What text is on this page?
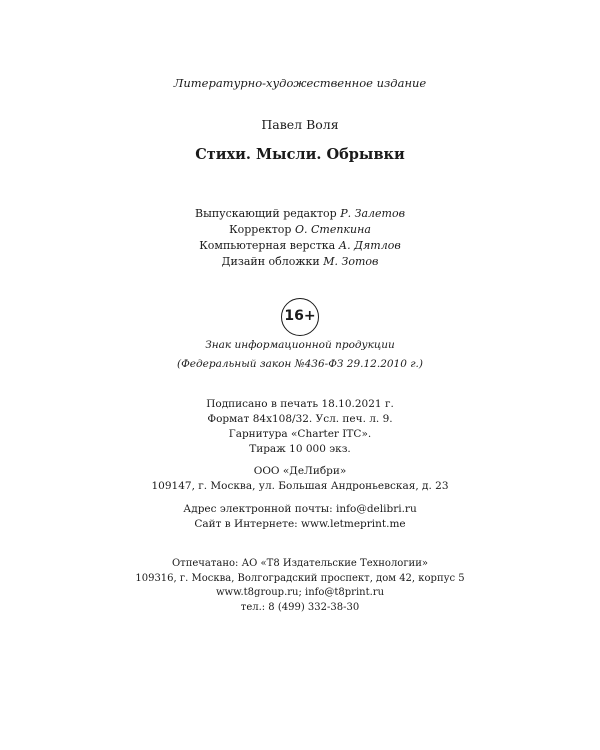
Литературно-художественное издание
Павел Воля
Стихи. Мысли. Обрывки
Выпускающий редактор Р. Залетов
Корректор О. Степкина
Компьютерная верстка А. Дятлов
Дизайн обложки М. Зотов
16+
Знак информационной продукции
(Федеральный закон №436-ФЗ 29.12.2010 г.)
Подписано в печать 18.10.2021 г.
Формат 84x108/32. Усл. печ. л. 9.
Гарнитура «Charter ITC».
Тираж 10 000 экз.
ООО «ДеЛибри»
109147, г. Москва, ул. Большая Андроньевская, д. 23
Адрес электронной почты: info@delibri.ru
Сайт в Интернете: www.letmeprint.me
Отпечатано: АО «Т8 Издательские Технологии»
109316, г. Москва, Волгоградский проспект, дом 42, корпус 5
www.t8group.ru; info@t8print.ru
тел.: 8 (499) 332-38-30
